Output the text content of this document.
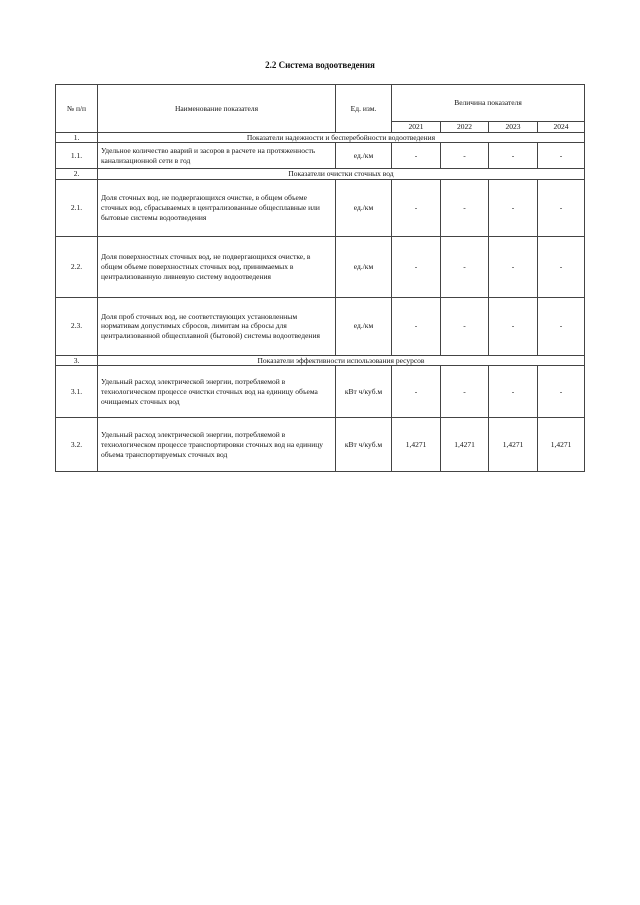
2.2 Система водоотведения
№ п/п	Наименование показателя	Ед. изм.	Величина показателя			
			2021	2022	2023	2024
1.	Показатели надежности и бесперебойности водоотведения					
1.1.	Удельное количество аварий и засоров в расчете на протяженность канализационной сети в год	ед./км	-	-	-	-
2.	Показатели очистки сточных вод					
2.1.	Доля сточных вод, не подвергающихся очистке, в общем объеме сточных вод, сбрасываемых в централизованные общесплавные или бытовые системы водоотведения	ед./км	-	-	-	-
2.2.	Доля поверхностных сточных вод, не подвергающихся очистке, в общем объеме поверхностных сточных вод, принимаемых в централизованную ливневую систему водоотведения	ед./км	-	-	-	-
2.3.	Доля проб сточных вод, не соответствующих установленным нормативам допустимых сбросов, лимитам на сбросы для централизованной общесплавной (бытовой) системы водоотведения	ед./км	-	-	-	-
3.	Показатели эффективности использования ресурсов					
3.1.	Удельный расход электрической энергии, потребляемой в технологическом процессе очистки сточных вод на единицу объема очищаемых сточных вод	кВт ч/куб.м	-	-	-	-
3.2.	Удельный расход электрической энергии, потребляемой в технологическом процессе транспортировки сточных вод на единицу объема транспортируемых сточных вод	кВт ч/куб.м	1,4271	1,4271	1,4271	1,4271
